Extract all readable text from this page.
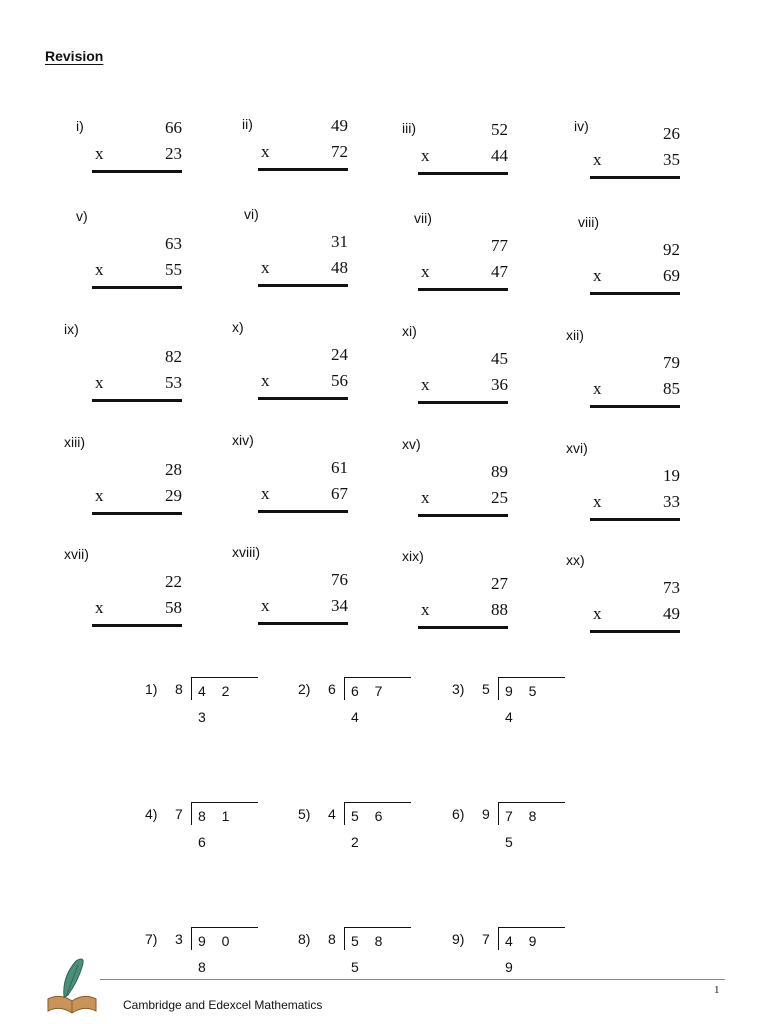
Revision
i)	66
x	23
ii)	49
x	72
iii)	52
x	44
iv)	26
x	35
v)
63
x	55
vi)
31
x	48
vii)
77
x	47
viii)
92
x	69
ix)
82
x	53
x)
24
x	56
xi)
45
x	36
xii)
79
x	85
xiii)
28
x	29
xiv)
61
x	67
xv)
89
x	25
xvi)
19
x	33
xvii)
22
x	58
xviii)
76
x	34
xix)
27
x	88
xx)
73
x	49
1) 8	4 2 3
2) 6	6 7 4
3) 5	9 5 4
4) 7	8 1 6
5) 4	5 6 2
6) 9	7 8 5
7) 3	9 0 8
8) 8	5 8 5
9) 7	4 9 9
1
Cambridge and Edexcel Mathematics
